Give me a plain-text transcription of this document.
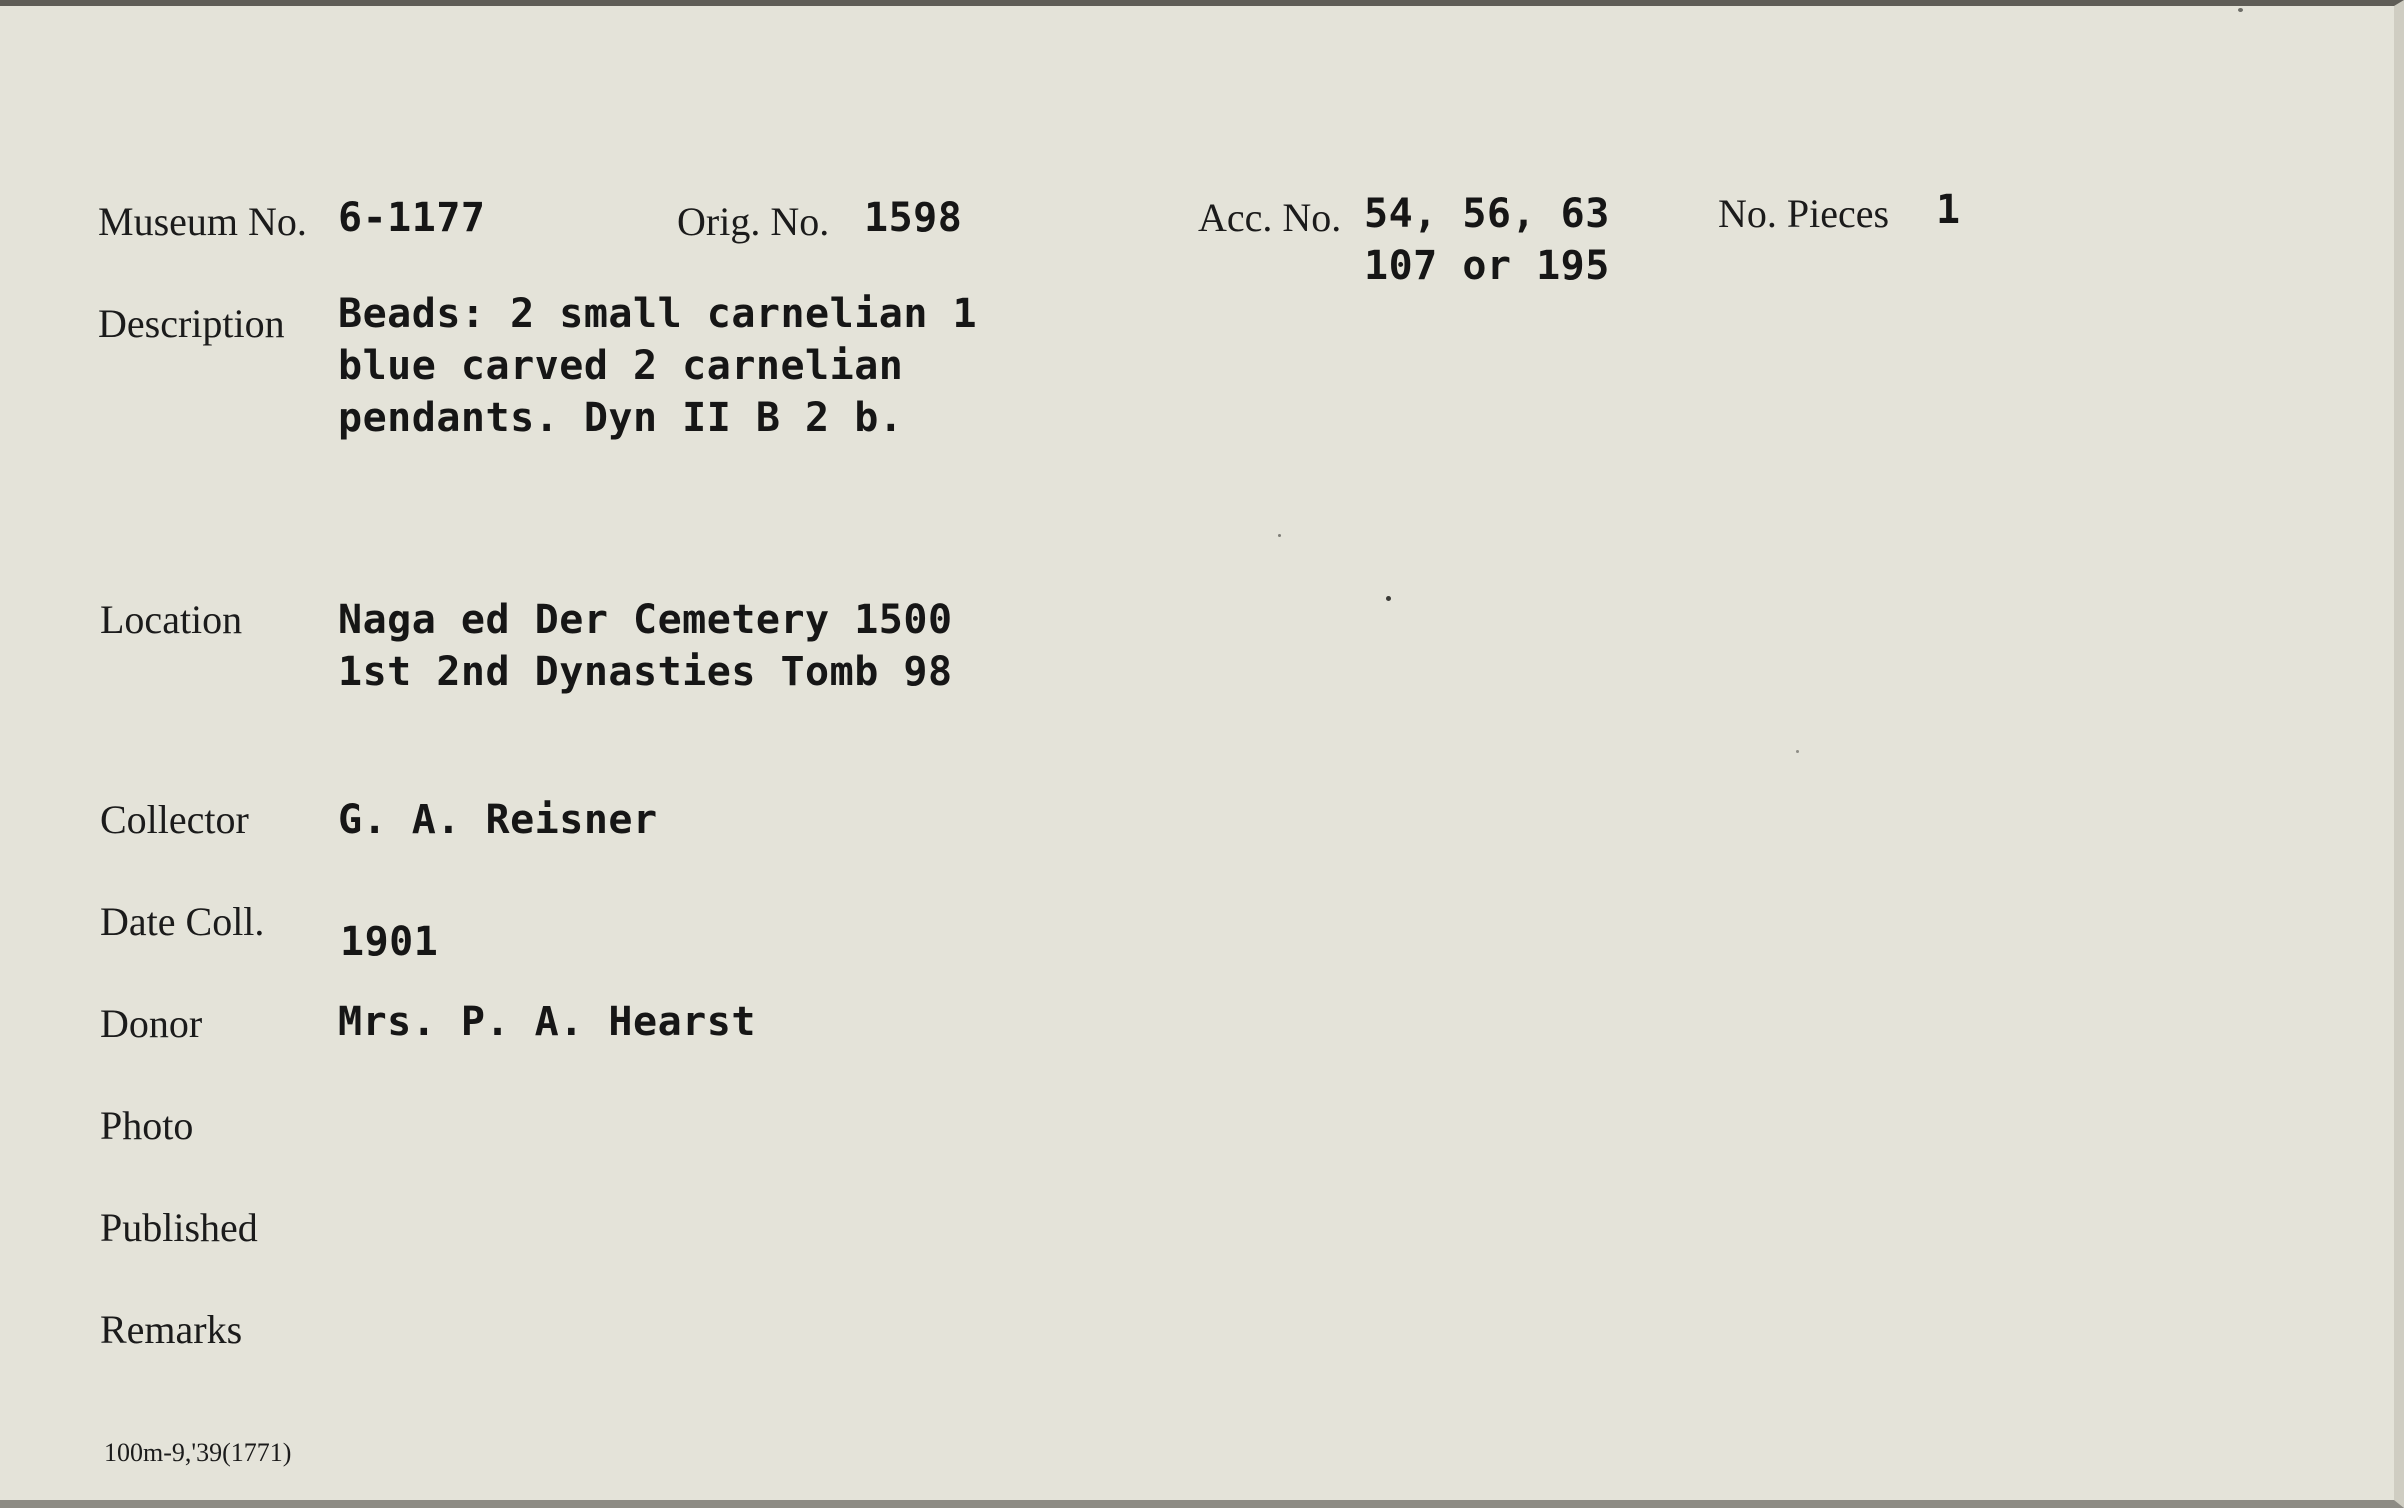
Museum No. 6-1177	Orig. No. 1598	Acc. No. 54, 56, 63
107 or 195
No. Pieces 1
Description Beads: 2 small carnelian 1
blue carved 2 carnelian
pendants. Dyn II B 2 b.
Location Naga ed Der Cemetery 1500
1st 2nd Dynasties Tomb 98
Collector G. A. Reisner
Date Coll. 1901
Donor	Mrs. P. A. Hearst
Photo
Published
Remarks
100m-9,'39(1771)
